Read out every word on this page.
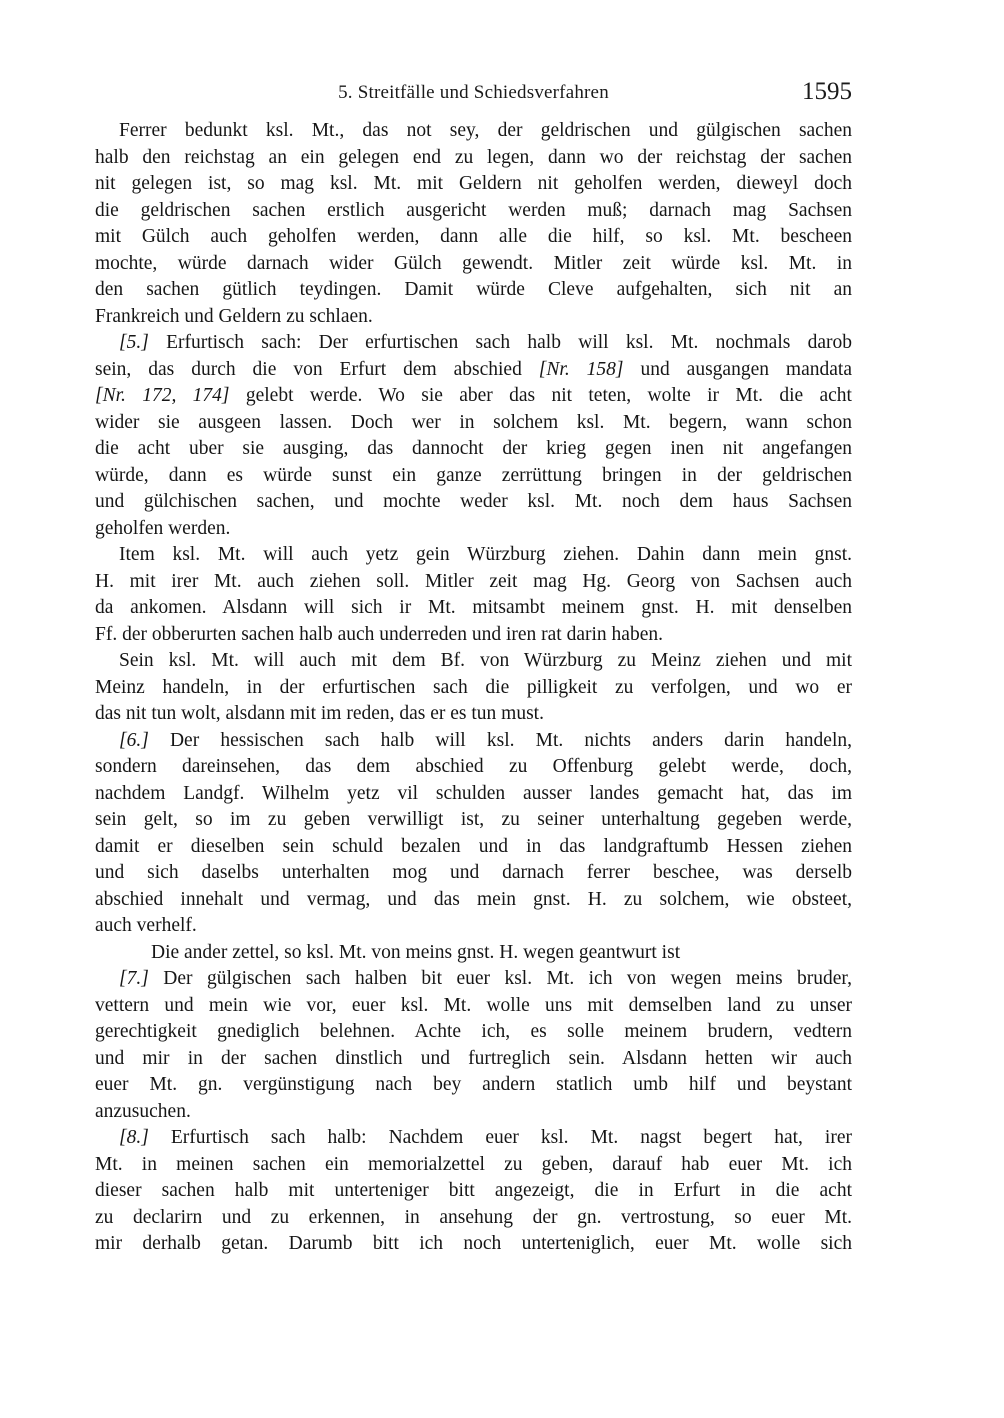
5. Streitfälle und Schiedsverfahren	1595
Ferrer bedunkt ksl. Mt., das not sey, der geldrischen und gülgischen sachen
halb den reichstag an ein gelegen end zu legen, dann wo der reichstag der sachen
nit gelegen ist, so mag ksl. Mt. mit Geldern nit geholfen werden, dieweyl doch
die geldrischen sachen erstlich ausgericht werden muß; darnach mag Sachsen
mit Gülch auch geholfen werden, dann alle die hilf, so ksl. Mt. bescheen
mochte, würde darnach wider Gülch gewendt. Mitler zeit würde ksl. Mt. in
den sachen gütlich teydingen. Damit würde Cleve aufgehalten, sich nit an
Frankreich und Geldern zu schlaen.
[5.] Erfurtisch sach: Der erfurtischen sach halb will ksl. Mt. nochmals darob
sein, das durch die von Erfurt dem abschied [Nr. 158] und ausgangen mandata
[Nr. 172, 174] gelebt werde. Wo sie aber das nit teten, wolte ir Mt. die acht
wider sie ausgeen lassen. Doch wer in solchem ksl. Mt. begern, wann schon
die acht uber sie ausging, das dannocht der krieg gegen inen nit angefangen
würde, dann es würde sunst ein ganze zerrüttung bringen in der geldrischen
und gülchischen sachen, und mochte weder ksl. Mt. noch dem haus Sachsen
geholfen werden.
Item ksl. Mt. will auch yetz gein Würzburg ziehen. Dahin dann mein gnst.
H. mit irer Mt. auch ziehen soll. Mitler zeit mag Hg. Georg von Sachsen auch
da ankomen. Alsdann will sich ir Mt. mitsambt meinem gnst. H. mit denselben
Ff. der obberurten sachen halb auch underreden und iren rat darin haben.
Sein ksl. Mt. will auch mit dem Bf. von Würzburg zu Meinz ziehen und mit
Meinz handeln, in der erfurtischen sach die pilligkeit zu verfolgen, und wo er
das nit tun wolt, alsdann mit im reden, das er es tun must.
[6.] Der hessischen sach halb will ksl. Mt. nichts anders darin handeln,
sondern dareinsehen, das dem abschied zu Offenburg gelebt werde, doch,
nachdem Landgf. Wilhelm yetz vil schulden ausser landes gemacht hat, das im
sein gelt, so im zu geben verwilligt ist, zu seiner unterhaltung gegeben werde,
damit er dieselben sein schuld bezalen und in das landgraftumb Hessen ziehen
und sich daselbs unterhalten mog und darnach ferrer beschee, was derselb
abschied innehalt und vermag, und das mein gnst. H. zu solchem, wie obsteet,
auch verhelf.
Die ander zettel, so ksl. Mt. von meins gnst. H. wegen geantwurt ist
[7.] Der gülgischen sach halben bit euer ksl. Mt. ich von wegen meins bruder,
vettern und mein wie vor, euer ksl. Mt. wolle uns mit demselben land zu unser
gerechtigkeit gnediglich belehnen. Achte ich, es solle meinem brudern, vedtern
und mir in der sachen dinstlich und furtreglich sein. Alsdann hetten wir auch
euer Mt. gn. vergünstigung nach bey andern statlich umb hilf und beystant
anzusuchen.
[8.] Erfurtisch sach halb: Nachdem euer ksl. Mt. nagst begert hat, irer
Mt. in meinen sachen ein memorialzettel zu geben, darauf hab euer Mt. ich
dieser sachen halb mit unterteniger bitt angezeigt, die in Erfurt in die acht
zu declarirn und zu erkennen, in ansehung der gn. vertrostung, so euer Mt.
mir derhalb getan. Darumb bitt ich noch unterteniglich, euer Mt. wolle sich
